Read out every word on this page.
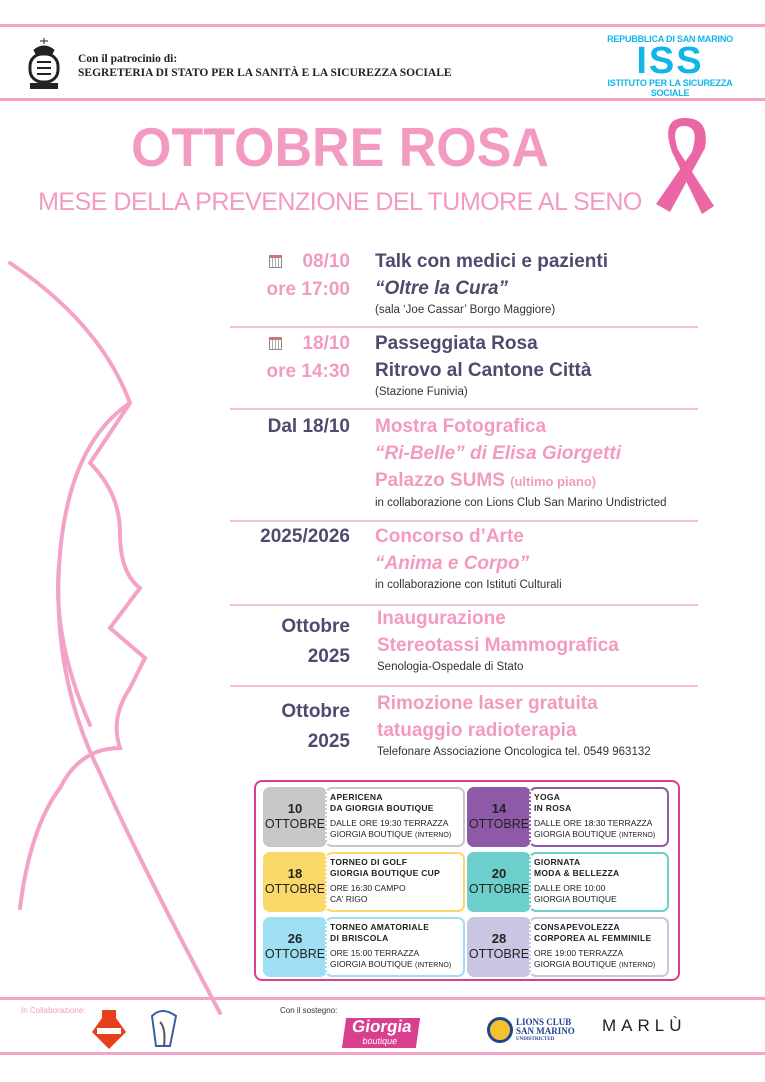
Con il patrocinio di:
SEGRETERIA DI STATO PER LA SANITÀ E LA SICUREZZA SOCIALE
REPUBBLICA DI SAN MARINO
ISS
ISTITUTO PER LA SICUREZZA SOCIALE
OTTOBRE ROSA
MESE DELLA PREVENZIONE DEL TUMORE AL SENO
08/10
ore 17:00
Talk con medici e pazienti
“Oltre la Cura”
(sala ‘Joe Cassar’ Borgo Maggiore)
18/10
ore 14:30
Passeggiata Rosa
Ritrovo al Cantone Città
(Stazione Funivia)
Dal 18/10 Mostra Fotografica
“Ri-Belle” di Elisa Giorgetti
Palazzo SUMS (ultimo piano)
in collaborazione con Lions Club San Marino Undistricted
2025/2026 Concorso d’Arte
“Anima e Corpo”
in collaborazione con Istituti Culturali
Ottobre
2025
Inaugurazione
Stereotassi Mammografica
Senologia-Ospedale di Stato
Ottobre
2025
Rimozione laser gratuita
tatuaggio radioterapia
Telefonare Associazione Oncologica tel. 0549 963132
10
OTTOBRE
APERICENA
DA GIORGIA BOUTIQUE
DALLE ORE 19:30 TERRAZZA
GIORGIA BOUTIQUE (INTERNO)
14
OTTOBRE
YOGA
IN ROSA
DALLE ORE 18:30 TERRAZZA
GIORGIA BOUTIQUE (INTERNO)
18
OTTOBRE
TORNEO DI GOLF
GIORGIA BOUTIQUE CUP
ORE 16:30 CAMPO
CA' RIGO
20
OTTOBRE
GIORNATA
MODA & BELLEZZA
DALLE ORE 10:00
GIORGIA BOUTIQUE
26
OTTOBRE
TORNEO AMATORIALE
DI BRISCOLA
ORE 15:00 TERRAZZA
GIORGIA BOUTIQUE (INTERNO)
28
OTTOBRE
CONSAPEVOLEZZA
CORPOREA AL FEMMINILE
ORE 19:00 TERRAZZA
GIORGIA BOUTIQUE (INTERNO)
In Collaborazione:	Con il sostegno:
Giorgia
boutique
LIONS CLUB
SAN MARINO
UNDISTRICTED
MARLÙ
